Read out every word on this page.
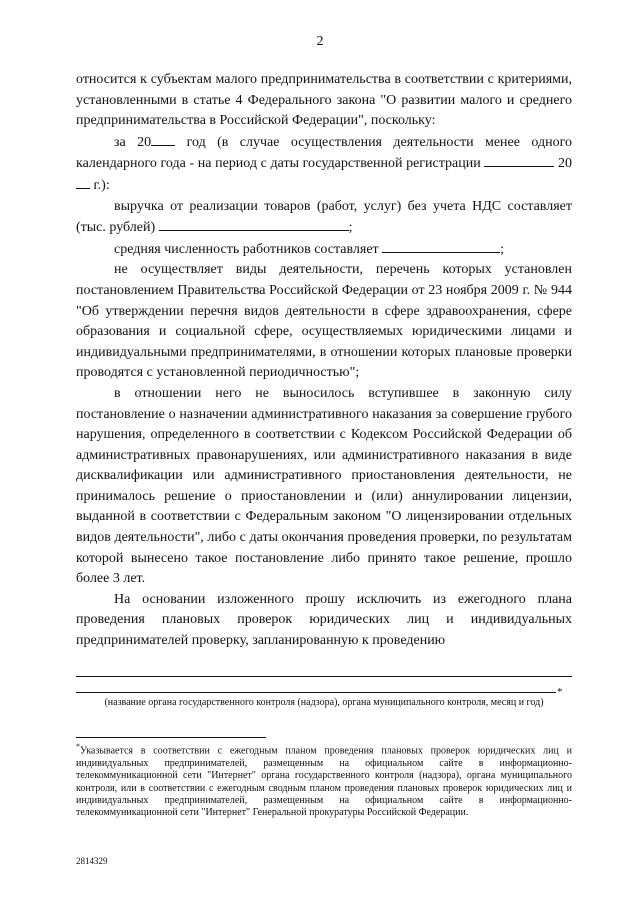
2

относится к субъектам малого предпринимательства в соответствии с критериями, установленными в статье 4 Федерального закона "О развитии малого и среднего предпринимательства в Российской Федерации", поскольку:

за 20 год (в случае осуществления деятельности менее одного календарного года - на период с даты государственной регистрации	20 г.):

выручка от реализации товаров (работ, услуг) без учета НДС составляет (тыс. рублей)	;

средняя численность работников составляет	;

не осуществляет виды деятельности, перечень которых установлен постановлением Правительства Российской Федерации от 23 ноября 2009 г. № 944 "Об утверждении перечня видов деятельности в сфере здравоохранения, сфере образования и социальной сфере, осуществляемых юридическими лицами и индивидуальными предпринимателями, в отношении которых плановые проверки проводятся с установленной периодичностью";

в отношении него не выносилось вступившее в законную силу постановление о назначении административного наказания за совершение грубого нарушения, определенного в соответствии с Кодексом Российской Федерации об административных правонарушениях, или административного наказания в виде дисквалификации или административного приостановления деятельности, не принималось решение о приостановлении и (или) аннулировании лицензии, выданной в соответствии с Федеральным законом "О лицензировании отдельных видов деятельности", либо с даты окончания проведения проверки, по результатам которой вынесено такое постановление либо принято такое решение, прошло более 3 лет.

На основании изложенного прошу исключить из ежегодного плана проведения плановых проверок юридических лиц и индивидуальных предпринимателей проверку, запланированную к проведению

*
(название органа государственного контроля (надзора), органа муниципального контроля, месяц и год)
*Указывается в соответствии с ежегодным планом проведения плановых проверок юридических лиц и индивидуальных предпринимателей, размещенным на официальном сайте в информационно-телекоммуникационной сети "Интернет" органа государственного контроля (надзора), органа муниципального контроля, или в соответствии с ежегодным сводным планом проведения плановых проверок юридических лиц и индивидуальных предпринимателей, размещенным на официальном сайте в информационно-телекоммуникационной сети "Интернет" Генеральной прокуратуры Российской Федерации.
2814329
